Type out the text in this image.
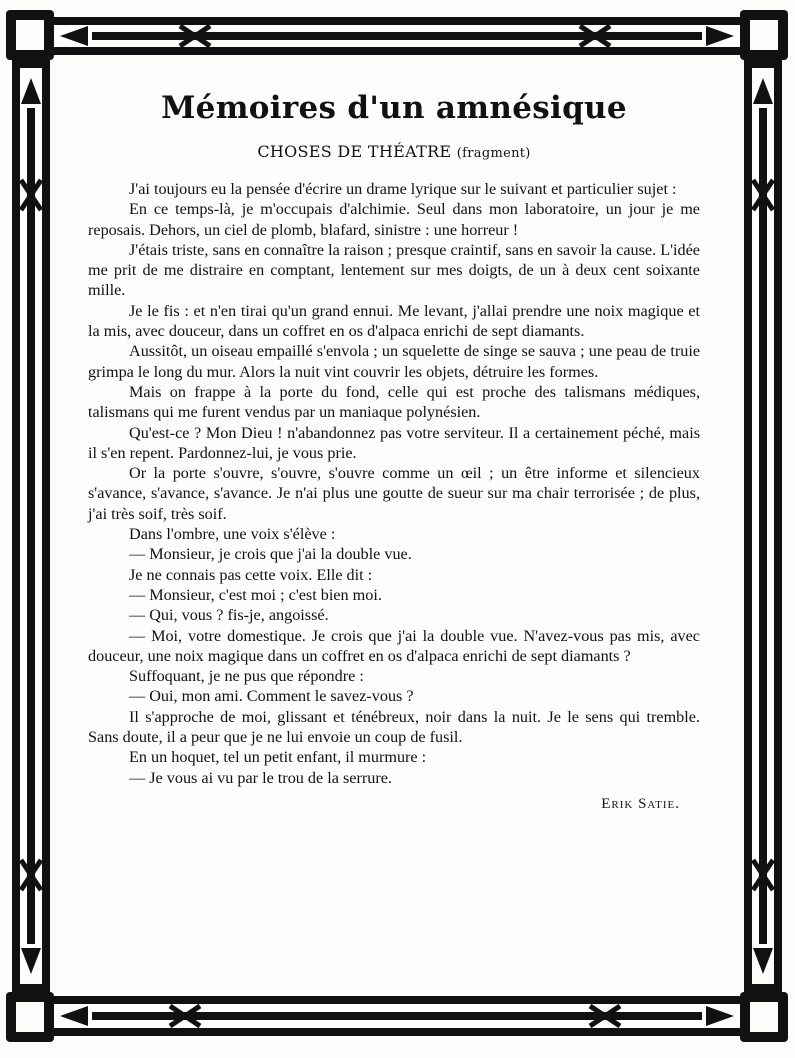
Mémoires d'un amnésique
CHOSES DE THÉATRE (fragment)

J'ai toujours eu la pensée d'écrire un drame lyrique sur le suivant et particulier sujet :

En ce temps-là, je m'occupais d'alchimie. Seul dans mon laboratoire, un jour je me reposais. Dehors, un ciel de plomb, blafard, sinistre : une horreur !

J'étais triste, sans en connaître la raison ; presque craintif, sans en savoir la cause. L'idée me prit de me distraire en comptant, lentement sur mes doigts, de un à deux cent soixante mille.

Je le fis : et n'en tirai qu'un grand ennui. Me levant, j'allai prendre une noix magique et la mis, avec douceur, dans un coffret en os d'alpaca enrichi de sept diamants.

Aussitôt, un oiseau empaillé s'envola ; un squelette de singe se sauva ; une peau de truie grimpa le long du mur. Alors la nuit vint couvrir les objets, détruire les formes.

Mais on frappe à la porte du fond, celle qui est proche des talismans médiques, talismans qui me furent vendus par un maniaque polynésien.

Qu'est-ce ? Mon Dieu ! n'abandonnez pas votre serviteur. Il a certainement péché, mais il s'en repent. Pardonnez-lui, je vous prie.

Or la porte s'ouvre, s'ouvre, s'ouvre comme un œil ; un être informe et silencieux s'avance, s'avance, s'avance. Je n'ai plus une goutte de sueur sur ma chair terrorisée ; de plus, j'ai très soif, très soif.

Dans l'ombre, une voix s'élève :

— Monsieur, je crois que j'ai la double vue.

Je ne connais pas cette voix. Elle dit :

— Monsieur, c'est moi ; c'est bien moi.

— Qui, vous ? fis-je, angoissé.

— Moi, votre domestique. Je crois que j'ai la double vue. N'avez-vous pas mis, avec douceur, une noix magique dans un coffret en os d'alpaca enrichi de sept diamants ?

Suffoquant, je ne pus que répondre :

— Oui, mon ami. Comment le savez-vous ?

Il s'approche de moi, glissant et ténébreux, noir dans la nuit. Je le sens qui tremble. Sans doute, il a peur que je ne lui envoie un coup de fusil.

En un hoquet, tel un petit enfant, il murmure :

— Je vous ai vu par le trou de la serrure.

Erik Satie.
